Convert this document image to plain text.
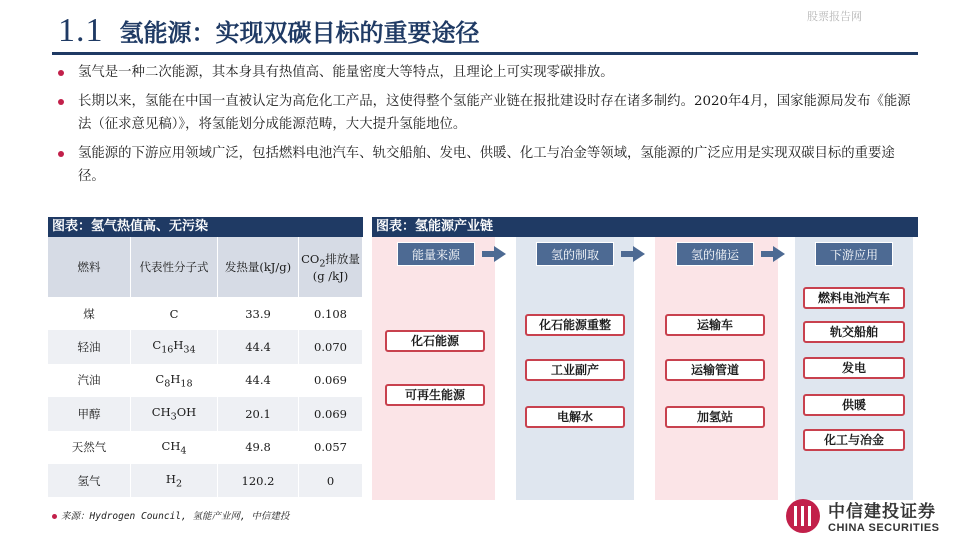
股票报告网
1.1 氢能源：实现双碳目标的重要途径
氢气是一种二次能源，其本身具有热值高、能量密度大等特点，且理论上可实现零碳排放。
长期以来，氢能在中国一直被认定为高危化工产品，这使得整个氢能产业链在报批建设时存在诸多制约。2020年4月，国家能源局发布《能源法（征求意见稿）》，将氢能划分成能源范畴，大大提升氢能地位。
氢能源的下游应用领域广泛，包括燃料电池汽车、轨交船舶、发电、供暖、化工与冶金等领域，氢能源的广泛应用是实现双碳目标的重要途径。
图表：氢气热值高、无污染
燃料	代表性分子式	发热量(kJ/g)	$CO_2$排放量
(g /kJ)
煤	C	33.9	0.108
轻油	$C_{16}H_{34}$	44.4	0.070
汽油	$C_8H_{18}$	44.4	0.069
甲醇	$CH_3OH$	20.1	0.069
天然气	$CH_4$	49.8	0.057
氢气	$H_2$	120.2	0
来源：Hydrogen Council, 氢能产业网, 中信建投
图表：氢能源产业链
能量来源	氢的制取	氢的储运	下游应用
化石能源
可再生能源
化石能源重整
工业副产
电解水
运输车
运输管道
加氢站
燃料电池汽车
轨交船舶
发电
供暖
化工与冶金
中信建投证券
CHINA SECURITIES
